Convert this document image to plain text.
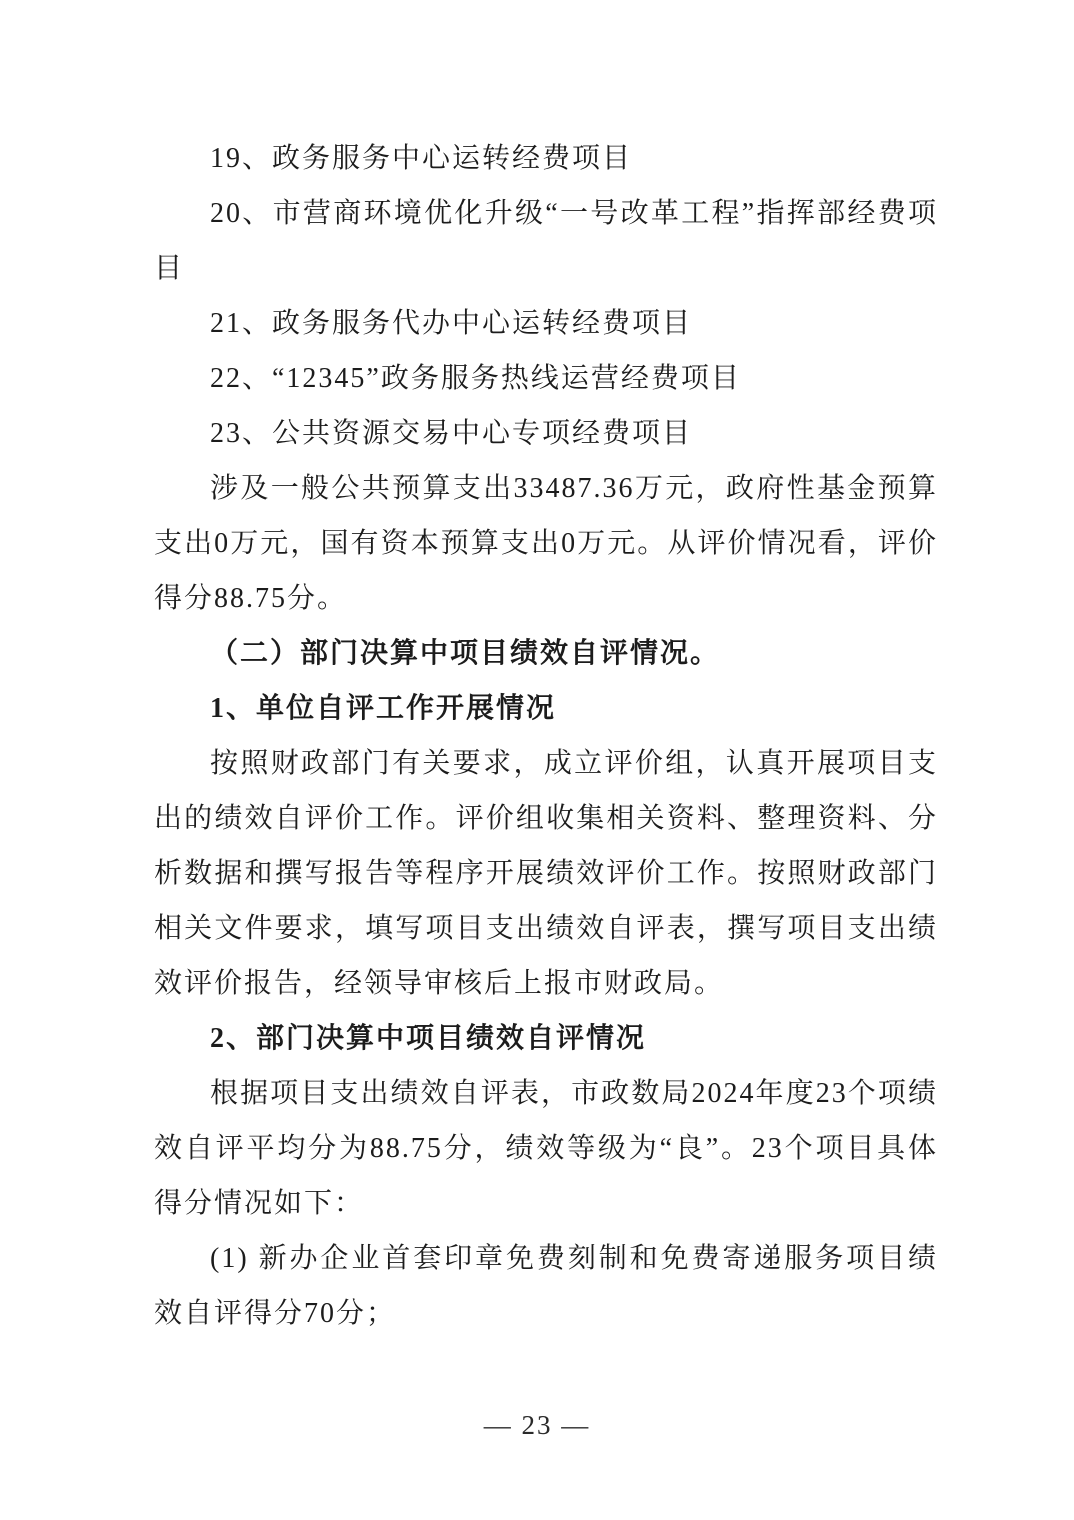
19、政务服务中心运转经费项目

20、市营商环境优化升级“一号改革工程”指挥部经费项目

21、政务服务代办中心运转经费项目

22、“12345”政务服务热线运营经费项目

23、公共资源交易中心专项经费项目

涉及一般公共预算支出33487.36万元，政府性基金预算支出0万元，国有资本预算支出0万元。从评价情况看，评价得分88.75分。

（二）部门决算中项目绩效自评情况。

1、单位自评工作开展情况

按照财政部门有关要求，成立评价组，认真开展项目支出的绩效自评价工作。评价组收集相关资料、整理资料、分析数据和撰写报告等程序开展绩效评价工作。按照财政部门相关文件要求，填写项目支出绩效自评表，撰写项目支出绩效评价报告，经领导审核后上报市财政局。

2、部门决算中项目绩效自评情况

根据项目支出绩效自评表，市政数局2024年度23个项绩效自评平均分为88.75分，绩效等级为“良”。23个项目具体得分情况如下：

(1) 新办企业首套印章免费刻制和免费寄递服务项目绩效自评得分70分；

— 23 —
